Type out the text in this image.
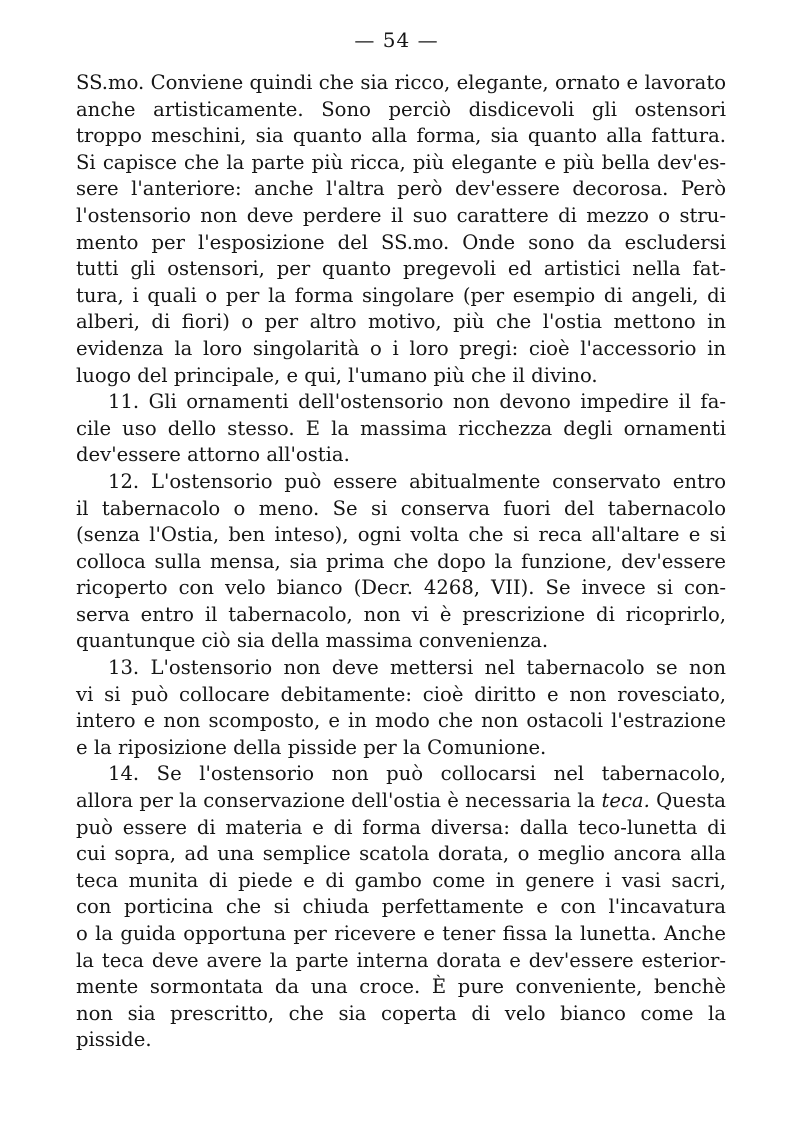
— 54 —
SS.mo. Conviene quindi che sia ricco, elegante, ornato e lavorato
anche artisticamente. Sono perciò disdicevoli gli ostensori
troppo meschini, sia quanto alla forma, sia quanto alla fattura.
Si capisce che la parte più ricca, più elegante e più bella dev'es-
sere l'anteriore: anche l'altra però dev'essere decorosa. Però
l'ostensorio non deve perdere il suo carattere di mezzo o stru-
mento per l'esposizione del SS.mo. Onde sono da escludersi
tutti gli ostensori, per quanto pregevoli ed artistici nella fat-
tura, i quali o per la forma singolare (per esempio di angeli, di
alberi, di fiori) o per altro motivo, più che l'ostia mettono in
evidenza la loro singolarità o i loro pregi: cioè l'accessorio in
luogo del principale, e qui, l'umano più che il divino.
11. Gli ornamenti dell'ostensorio non devono impedire il fa-
cile uso dello stesso. E la massima ricchezza degli ornamenti
dev'essere attorno all'ostia.
12. L'ostensorio può essere abitualmente conservato entro
il tabernacolo o meno. Se si conserva fuori del tabernacolo
(senza l'Ostia, ben inteso), ogni volta che si reca all'altare e si
colloca sulla mensa, sia prima che dopo la funzione, dev'essere
ricoperto con velo bianco (Decr. 4268, VII). Se invece si con-
serva entro il tabernacolo, non vi è prescrizione di ricoprirlo,
quantunque ciò sia della massima convenienza.
13. L'ostensorio non deve mettersi nel tabernacolo se non
vi si può collocare debitamente: cioè diritto e non rovesciato,
intero e non scomposto, e in modo che non ostacoli l'estrazione
e la riposizione della pisside per la Comunione.
14. Se l'ostensorio non può collocarsi nel tabernacolo,
allora per la conservazione dell'ostia è necessaria la teca. Questa
può essere di materia e di forma diversa: dalla teco-lunetta di
cui sopra, ad una semplice scatola dorata, o meglio ancora alla
teca munita di piede e di gambo come in genere i vasi sacri,
con porticina che si chiuda perfettamente e con l'incavatura
o la guida opportuna per ricevere e tener fissa la lunetta. Anche
la teca deve avere la parte interna dorata e dev'essere esterior-
mente sormontata da una croce. È pure conveniente, benchè
non sia prescritto, che sia coperta di velo bianco come la
pisside.
